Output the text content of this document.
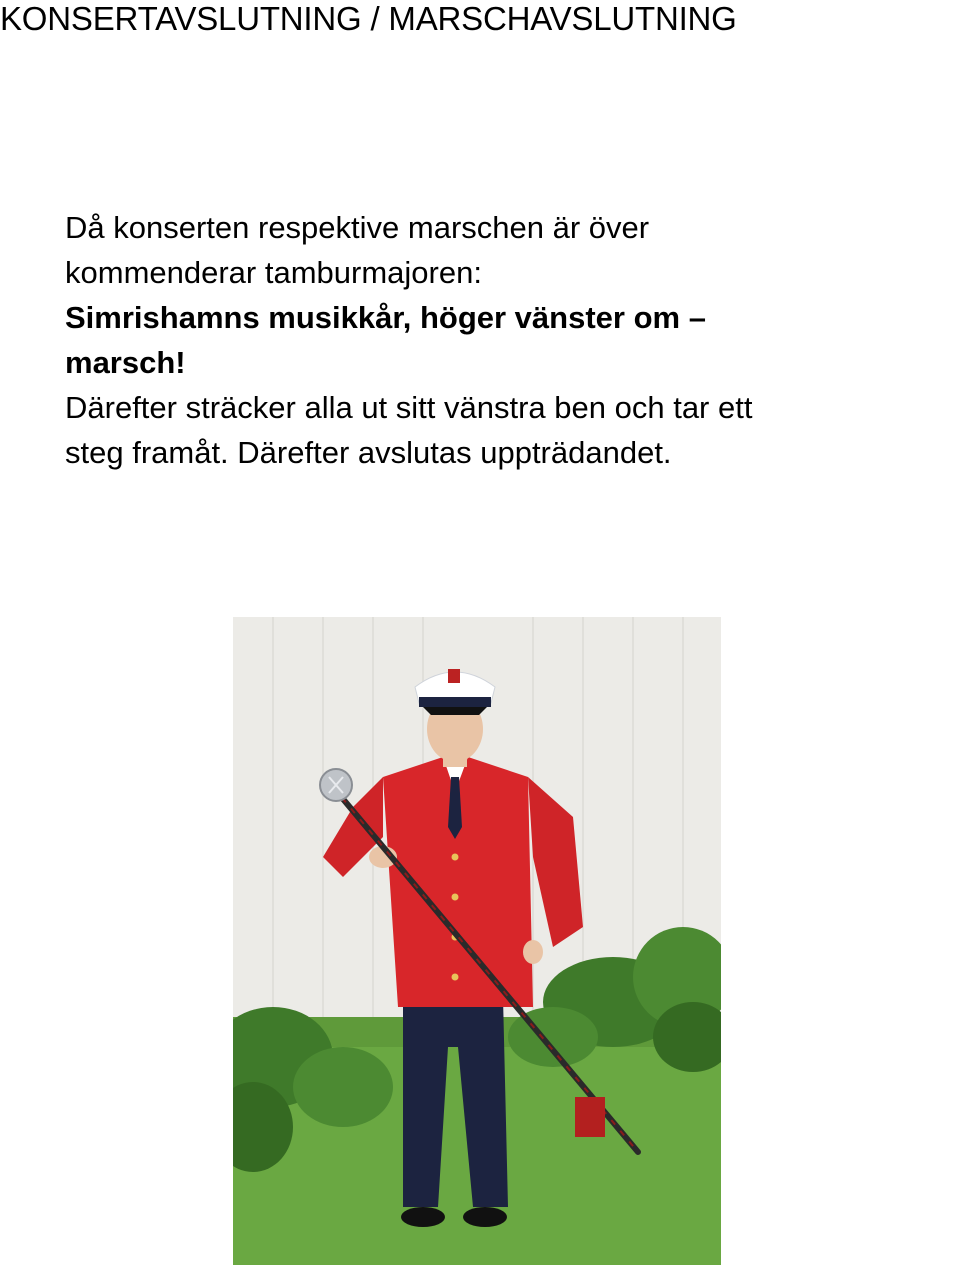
KONSERTAVSLUTNING / MARSCHAVSLUTNING
Då konserten respektive marschen är över
kommenderar tamburmajoren:
Simrishamns musikkår, höger vänster om –
marsch!
Därefter sträcker alla ut sitt vänstra ben och tar ett
steg framåt. Därefter avslutas uppträdandet.
